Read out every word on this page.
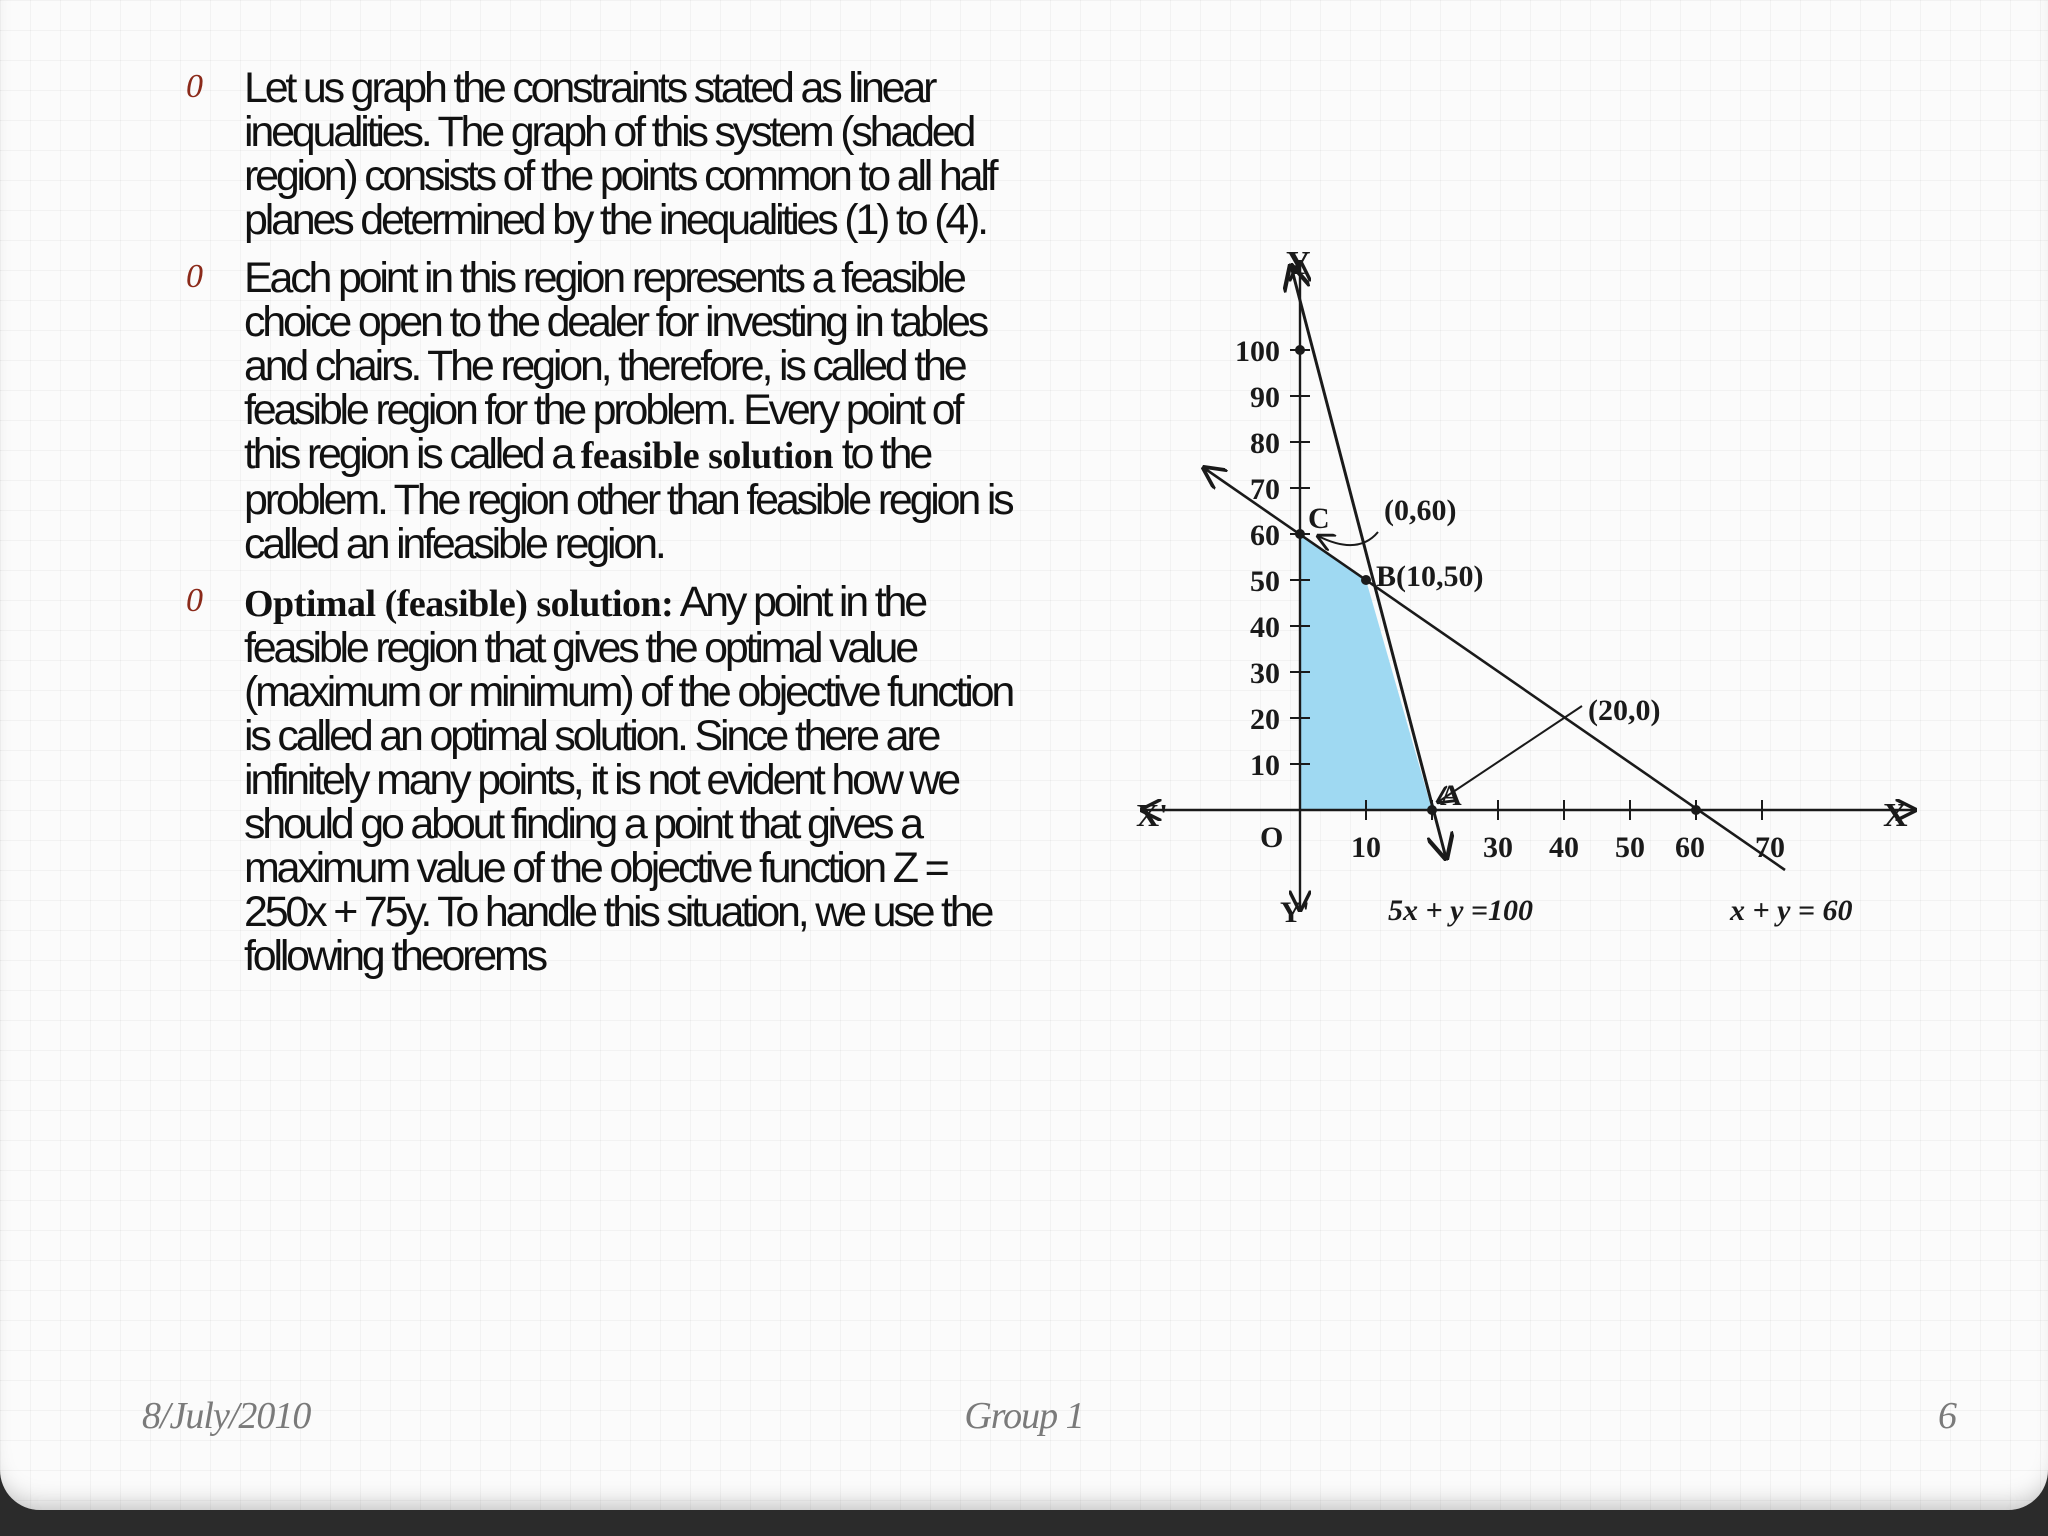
0 Let us graph the constraints stated as linear inequalities. The graph of this system (shaded region) consists of the points common to all half planes determined by the inequalities (1) to (4).
0 Each point in this region represents a feasible choice open to the dealer for investing in tables and chairs. The region, therefore, is called the feasible region for the problem. Every point of this region is called a feasible solution to the problem. The region other than feasible region is called an infeasible region.
0	Optimal (feasible) solution: Any point in the feasible region that gives the optimal value (maximum or minimum) of the objective function is called an optimal solution. Since there are infinitely many points, it is not evident how we should go about finding a point that gives a maximum value of the objective function Z = 250x + 75y. To handle this situation, we use the following theorems
100
90
80
70
60
50
40
30
20
10
10	30 40 50 60 70
Y
X
X'
Y'
O
C
B(10,50)
A
(0,60)
(20,0)
5x + y =100	x + y = 60
8/July/2010	Group 1	6
